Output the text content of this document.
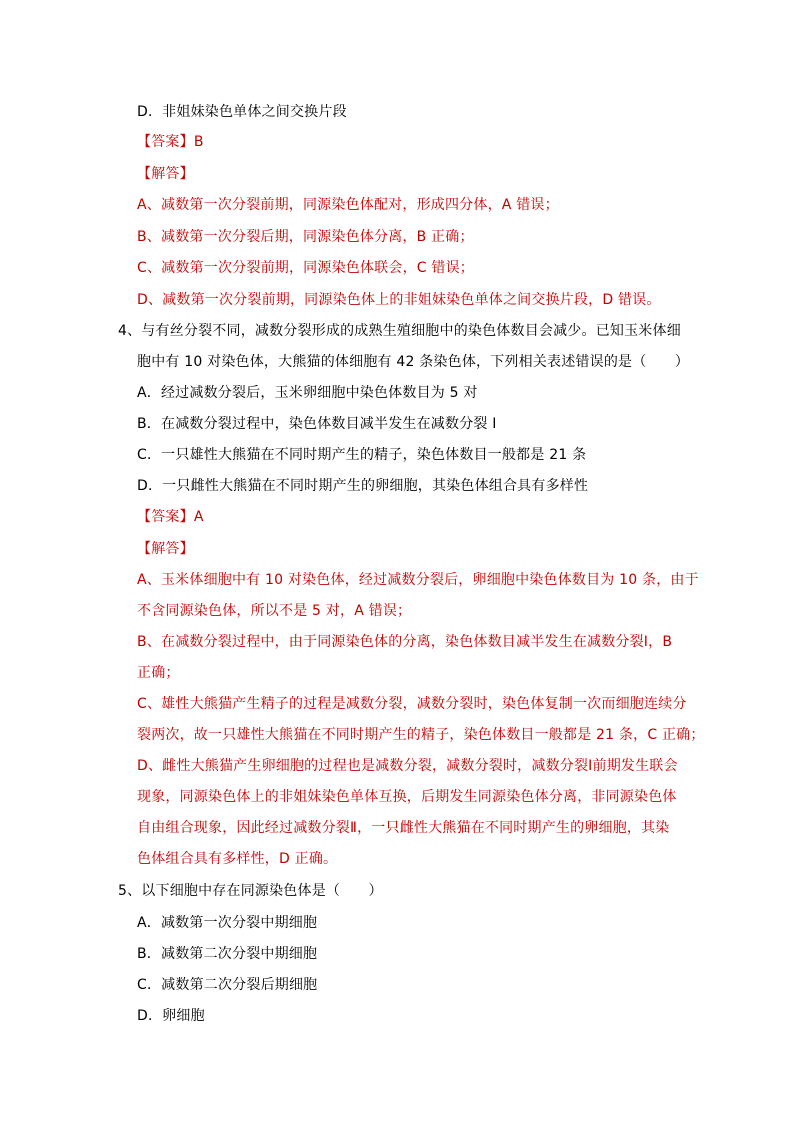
D．非姐妹染色单体之间交换片段
【答案】B
【解答】
A、减数第一次分裂前期，同源染色体配对，形成四分体，A 错误；
B、减数第一次分裂后期，同源染色体分离，B 正确；
C、减数第一次分裂前期，同源染色体联会，C 错误；
D、减数第一次分裂前期，同源染色体上的非姐妹染色单体之间交换片段，D 错误。
4、与有丝分裂不同，减数分裂形成的成熟生殖细胞中的染色体数目会减少。已知玉米体细
胞中有 10 对染色体，大熊猫的体细胞有 42 条染色体，下列相关表述错误的是（　　）
A．经过减数分裂后，玉米卵细胞中染色体数目为 5 对
B．在减数分裂过程中，染色体数目减半发生在减数分裂 I
C．一只雄性大熊猫在不同时期产生的精子，染色体数目一般都是 21 条
D．一只雌性大熊猫在不同时期产生的卵细胞，其染色体组合具有多样性
【答案】A
【解答】
A、玉米体细胞中有 10 对染色体，经过减数分裂后，卵细胞中染色体数目为 10 条，由于
不含同源染色体，所以不是 5 对，A 错误；
B、在减数分裂过程中，由于同源染色体的分离，染色体数目减半发生在减数分裂Ⅰ，B
正确；
C、雄性大熊猫产生精子的过程是减数分裂，减数分裂时，染色体复制一次而细胞连续分
裂两次，故一只雄性大熊猫在不同时期产生的精子，染色体数目一般都是 21 条，C 正确；
D、雌性大熊猫产生卵细胞的过程也是减数分裂，减数分裂时，减数分裂Ⅰ前期发生联会
现象，同源染色体上的非姐妹染色单体互换，后期发生同源染色体分离，非同源染色体
自由组合现象，因此经过减数分裂Ⅱ，一只雌性大熊猫在不同时期产生的卵细胞，其染
色体组合具有多样性，D 正确。
5、以下细胞中存在同源染色体是（　　）
A．减数第一次分裂中期细胞
B．减数第二次分裂中期细胞
C．减数第二次分裂后期细胞
D．卵细胞
